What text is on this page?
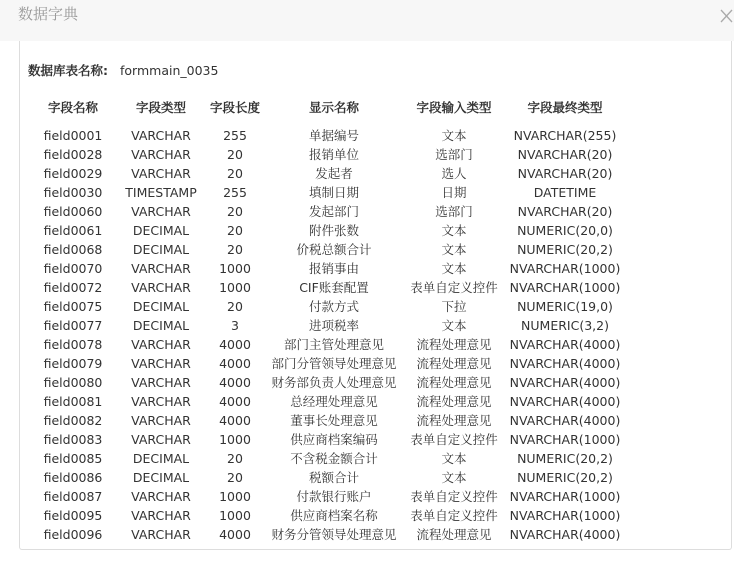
数据字典
数据库表名称: formmain_0035
字段名称	字段类型	字段长度	显示名称	字段输入类型	字段最终类型
field0001	VARCHAR	255	单据编号	文本	NVARCHAR(255)
field0028	VARCHAR	20	报销单位	选部门	NVARCHAR(20)
field0029	VARCHAR	20	发起者	选人	NVARCHAR(20)
field0030	TIMESTAMP	255	填制日期	日期	DATETIME
field0060	VARCHAR	20	发起部门	选部门	NVARCHAR(20)
field0061	DECIMAL	20	附件张数	文本	NUMERIC(20,0)
field0068	DECIMAL	20	价税总额合计	文本	NUMERIC(20,2)
field0070	VARCHAR	1000	报销事由	文本	NVARCHAR(1000)
field0072	VARCHAR	1000	CIF账套配置	表单自定义控件	NVARCHAR(1000)
field0075	DECIMAL	20	付款方式	下拉	NUMERIC(19,0)
field0077	DECIMAL	3	进项税率	文本	NUMERIC(3,2)
field0078	VARCHAR	4000	部门主管处理意见	流程处理意见	NVARCHAR(4000)
field0079	VARCHAR	4000	部门分管领导处理意见	流程处理意见	NVARCHAR(4000)
field0080	VARCHAR	4000	财务部负责人处理意见	流程处理意见	NVARCHAR(4000)
field0081	VARCHAR	4000	总经理处理意见	流程处理意见	NVARCHAR(4000)
field0082	VARCHAR	4000	董事长处理意见	流程处理意见	NVARCHAR(4000)
field0083	VARCHAR	1000	供应商档案编码	表单自定义控件	NVARCHAR(1000)
field0085	DECIMAL	20	不含税金额合计	文本	NUMERIC(20,2)
field0086	DECIMAL	20	税额合计	文本	NUMERIC(20,2)
field0087	VARCHAR	1000	付款银行账户	表单自定义控件	NVARCHAR(1000)
field0095	VARCHAR	1000	供应商档案名称	表单自定义控件	NVARCHAR(1000)
field0096	VARCHAR	4000	财务分管领导处理意见	流程处理意见	NVARCHAR(4000)
